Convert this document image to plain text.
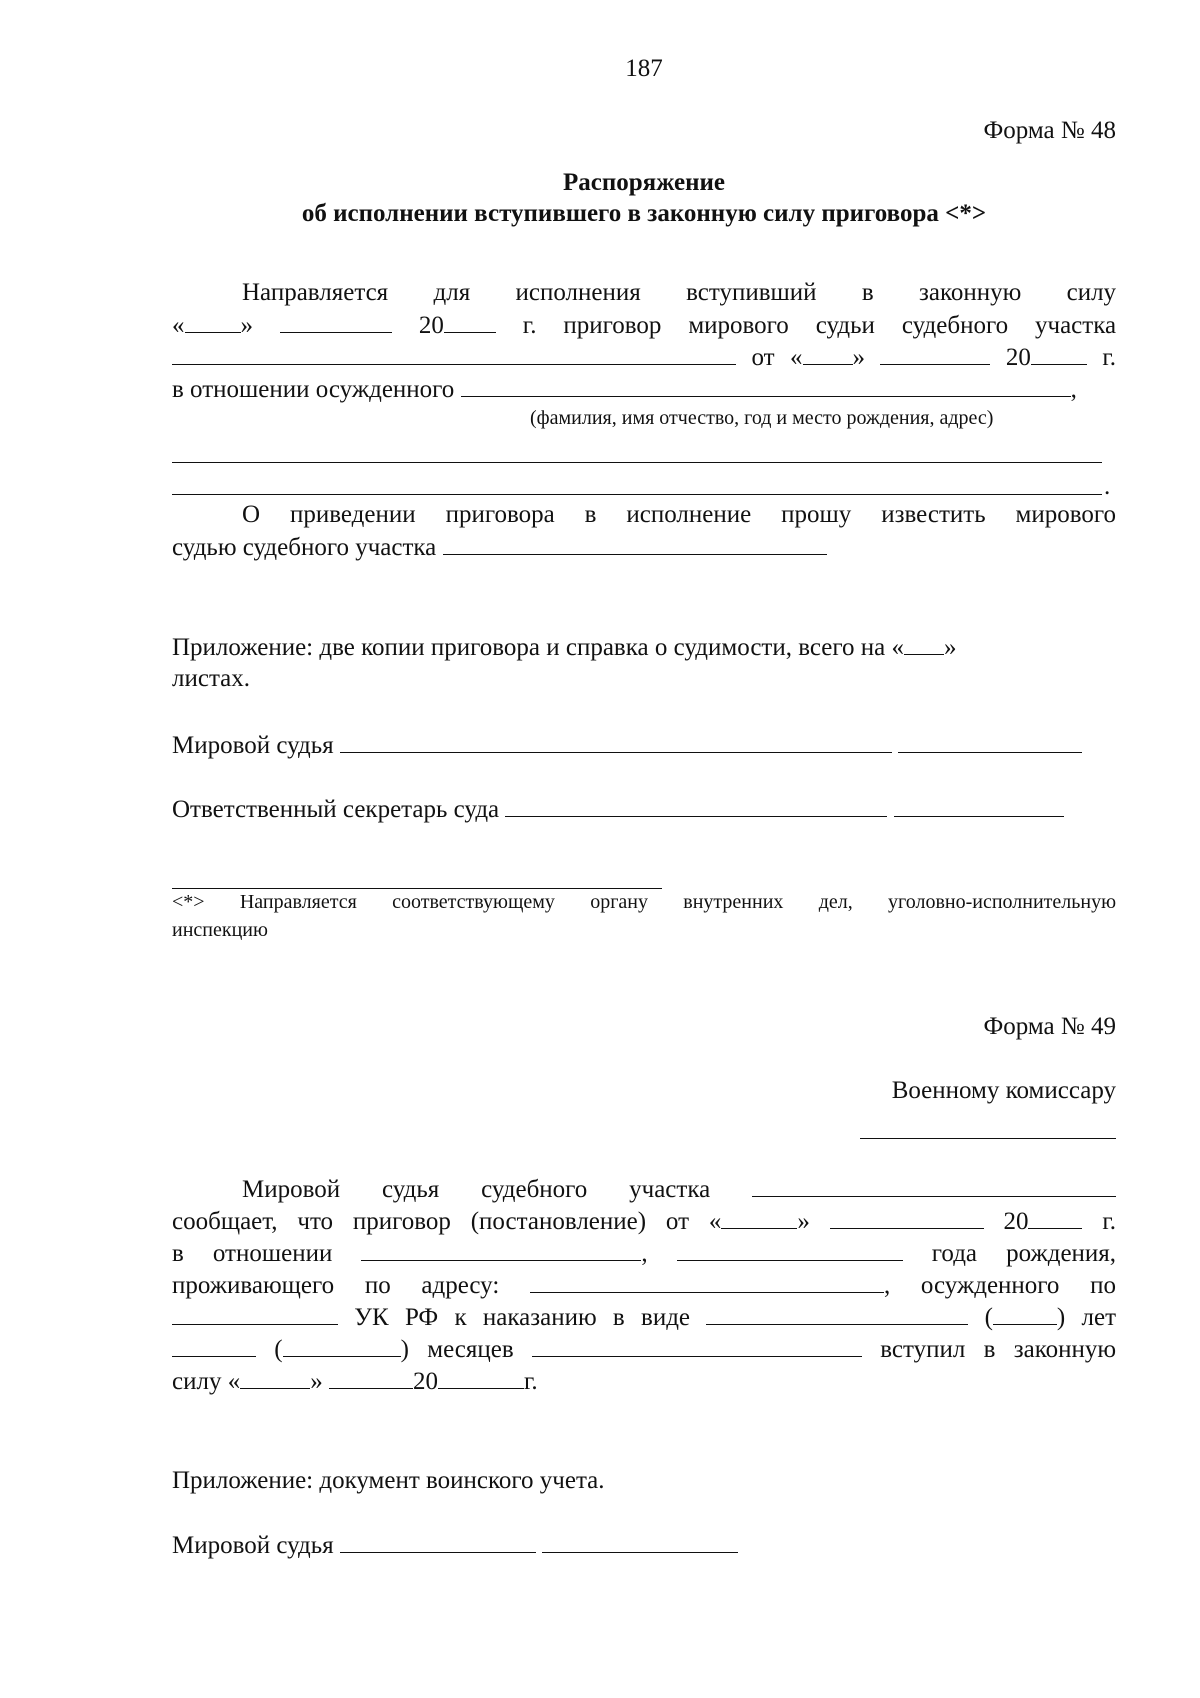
187
Форма № 48
Распоряжение
об исполнении вступившего в законную силу приговора <*>
Направляется для исполнения вступивший в законную силу
« »	20	г. приговор мирового судьи судебного участка
от « »	20	г.
в отношении осужденного	,
(фамилия, имя отчество, год и место рождения, адрес)
.
О приведении приговора в исполнение прошу известить мирового
судью судебного участка
Приложение: две копии приговора и справка о судимости, всего на « »
листах.
Мировой судья
Ответственный секретарь суда
<*> Направляется соответствующему органу внутренних дел, уголовно-исполнительную
инспекцию
Форма № 49
Военному комиссару
Мировой судья судебного участка
сообщает, что приговор (постановление) от «	»	20	г.
в отношении	,	года рождения,
проживающего по адресу:	, осужденного по
УК РФ к наказанию в виде	(	) лет
(	) месяцев	вступил в законную
силу «	»	20	г.
Приложение: документ воинского учета.
Мировой судья
